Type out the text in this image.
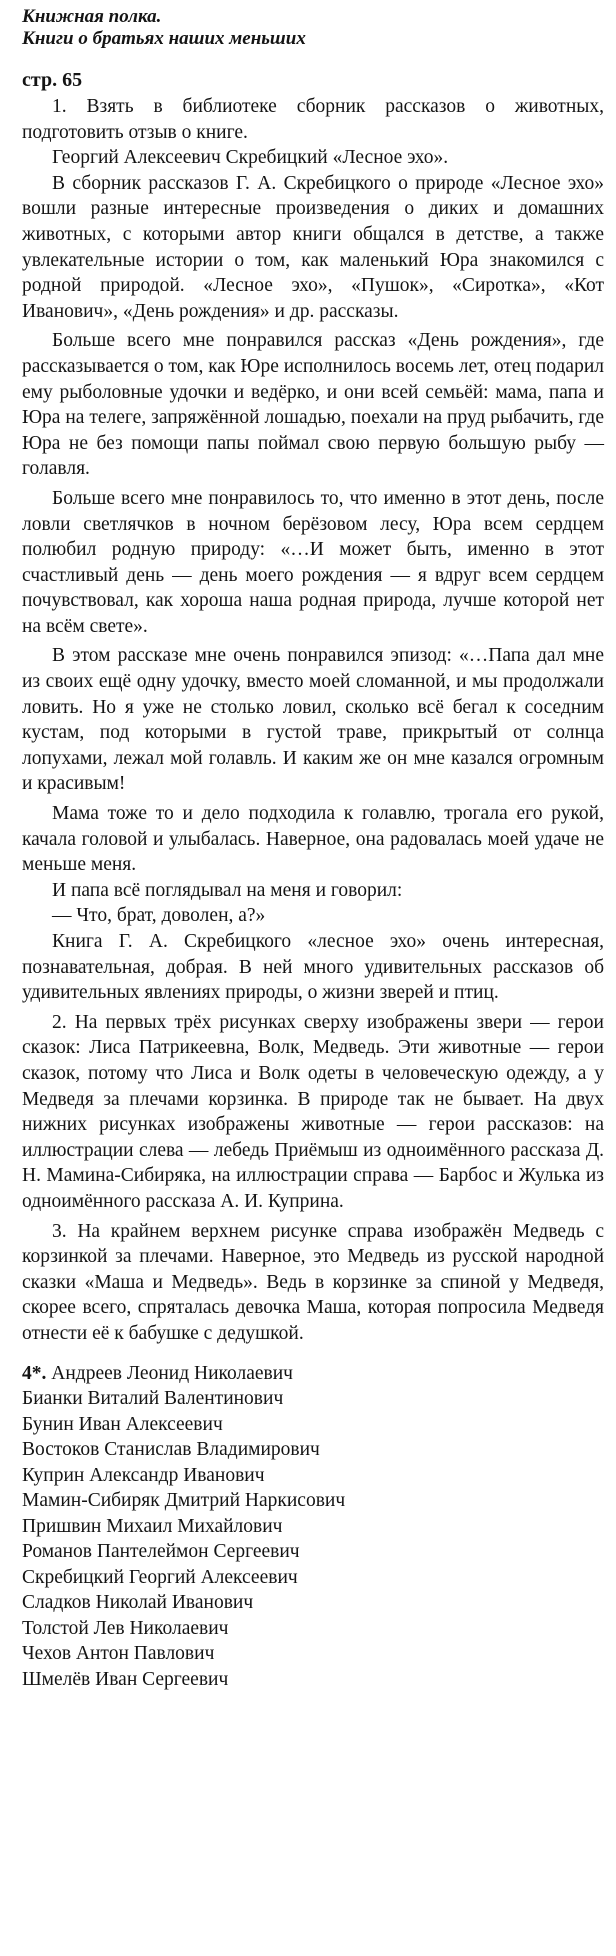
Книжная полка.
Книги о братьях наших меньших
стр. 65

1. Взять в библиотеке сборник рассказов о животных, подготовить отзыв о книге.

Георгий Алексеевич Скребицкий «Лесное эхо».

В сборник рассказов Г. А. Скребицкого о природе «Лесное эхо» вошли разные интересные произведения о диких и домашних животных, с которыми автор книги общался в детстве, а также увлекательные истории о том, как маленький Юра знакомился с родной природой. «Лесное эхо», «Пушок», «Сиротка», «Кот Иванович», «День рождения» и др. рассказы.

Больше всего мне понравился рассказ «День рождения», где рассказывается о том, как Юре исполнилось восемь лет, отец подарил ему рыболовные удочки и ведёрко, и они всей семьёй: мама, папа и Юра на телеге, запряжённой лошадью, поехали на пруд рыбачить, где Юра не без помощи папы поймал свою первую большую рыбу — голавля.

Больше всего мне понравилось то, что именно в этот день, после ловли светлячков в ночном берёзовом лесу, Юра всем сердцем полюбил родную природу: «…И может быть, именно в этот счастливый день — день моего рождения — я вдруг всем сердцем почувствовал, как хороша наша родная природа, лучше которой нет на всём свете».

В этом рассказе мне очень понравился эпизод: «…Папа дал мне из своих ещё одну удочку, вместо моей сломанной, и мы продолжали ловить. Но я уже не столько ловил, сколько всё бегал к соседним кустам, под которыми в густой траве, прикрытый от солнца лопухами, лежал мой голавль. И каким же он мне казался огромным и красивым!

Мама тоже то и дело подходила к голавлю, трогала его рукой, качала головой и улыбалась. Наверное, она радовалась моей удаче не меньше меня.

И папа всё поглядывал на меня и говорил:

— Что, брат, доволен, а?»

Книга Г. А. Скребицкого «лесное эхо» очень интересная, познавательная, добрая. В ней много удивительных рассказов об удивительных явлениях природы, о жизни зверей и птиц.

2. На первых трёх рисунках сверху изображены звери — герои сказок: Лиса Патрикеевна, Волк, Медведь. Эти животные — герои сказок, потому что Лиса и Волк одеты в человеческую одежду, а у Медведя за плечами корзинка. В природе так не бывает. На двух нижних рисунках изображены животные — герои рассказов: на иллюстрации слева — лебедь Приёмыш из одноимённого рассказа Д. Н. Мамина-Сибиряка, на иллюстрации справа — Барбос и Жулька из одноимённого рассказа А. И. Куприна.

3. На крайнем верхнем рисунке справа изображён Медведь с корзинкой за плечами. Наверное, это Медведь из русской народной сказки «Маша и Медведь». Ведь в корзинке за спиной у Медведя, скорее всего, спряталась девочка Маша, которая попросила Медведя отнести её к бабушке с дедушкой.

4*. Андреев Леонид Николаевич
Бианки Виталий Валентинович
Бунин Иван Алексеевич
Востоков Станислав Владимирович
Куприн Александр Иванович
Мамин-Сибиряк Дмитрий Наркисович
Пришвин Михаил Михайлович
Романов Пантелеймон Сергеевич
Скребицкий Георгий Алексеевич
Сладков Николай Иванович
Толстой Лев Николаевич
Чехов Антон Павлович
Шмелёв Иван Сергеевич
